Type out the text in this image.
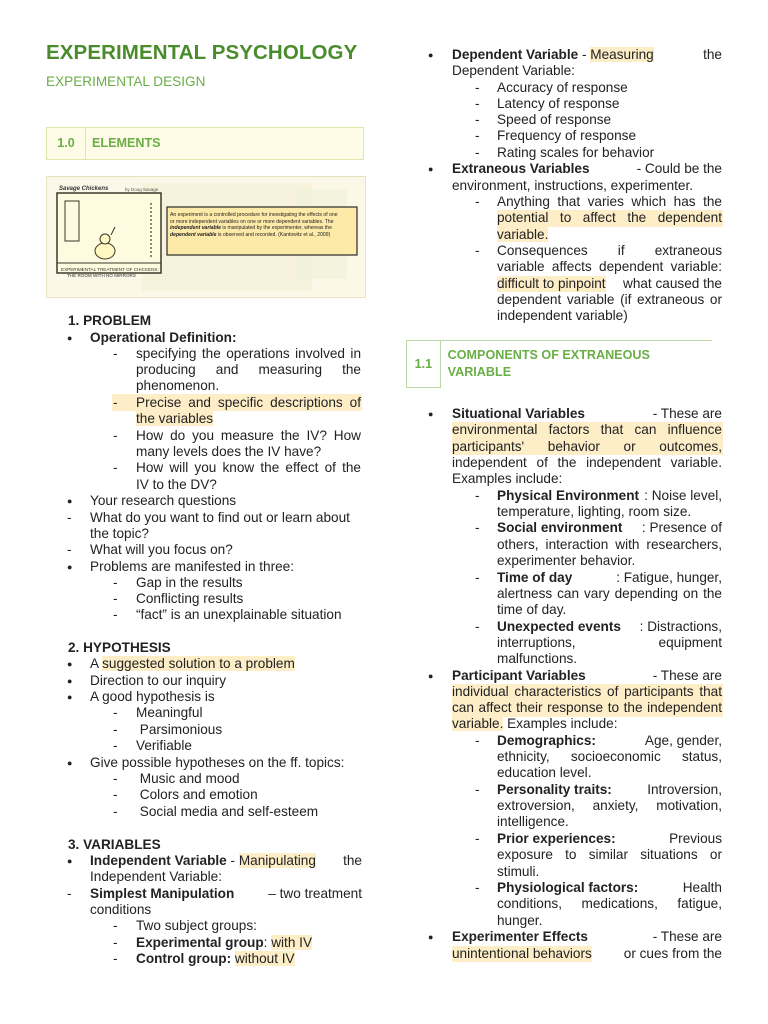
EXPERIMENTAL PSYCHOLOGY
EXPERIMENTAL DESIGN
1.0	ELEMENTS
Savage Chickens	by Doug Savage
EXPERIMENTAL TREATMENT OF CHICKENS:
THE ROOM WITH NO MIRRORS
An experiment is a controlled procedure for investigating the effects of one
or more independent variables on one or more dependent variables. The
independent variable is manipulated by the experimenter, whereas the
dependent variable is observed and recorded. (Kantowitz et al., 2009)
1. PROBLEM
● Operational Definition:
- specifying the operations involved in
producing and measuring the
phenomenon.
- Precise and specific descriptions of
the variables
- How do you measure the IV? How
many levels does the IV have?
- How will you know the effect of the
IV to the DV?
● Your research questions
- What do you want to find out or learn about
the topic?
- What will you focus on?
● Problems are manifested in three:
- Gap in the results
- Conflicting results
- “fact” is an unexplainable situation
2. HYPOTHESIS
● A suggested solution to a problem
● Direction to our inquiry
● A good hypothesis is
- Meaningful
- Parsimonious
- Verifiable
● Give possible hypotheses on the ff. topics:
- Music and mood
- Colors and emotion
- Social media and self-esteem
3. VARIABLES
● Independent Variable - Manipulating the
Independent Variable:
- Simplest Manipulation – two treatment
conditions
- Two subject groups:
- Experimental group: with IV
- Control group: without IV
● Dependent Variable - Measuring	the
Dependent Variable:
- Accuracy of response
- Latency of response
- Speed of response
- Frequency of response
- Rating scales for behavior
● Extraneous Variables	- Could be the
environment, instructions, experimenter.
- Anything that varies which has the
potential to affect the dependent
variable.
- Consequences if extraneous
variable affects dependent variable:
difficult to pinpoint what caused the
dependent variable (if extraneous or
independent variable)
1.1
COMPONENTS OF EXTRANEOUS
VARIABLE
● Situational Variables	- These are
environmental factors that can influence
participants' behavior or outcomes,
independent of the independent variable.
Examples include:
- Physical Environment : Noise level,
temperature, lighting, room size.
- Social environment : Presence of
others, interaction with researchers,
experimenter behavior.
- Time of day	: Fatigue, hunger,
alertness can vary depending on the
time of day.
- Unexpected events : Distractions,
interruptions, equipment
malfunctions.
● Participant Variables	- These are
individual characteristics of participants that
can affect their response to the independent
variable. Examples include:
- Demographics:	Age, gender,
ethnicity, socioeconomic status,
education level.
- Personality traits: Introversion,
extroversion, anxiety, motivation,
intelligence.
- Prior experiences:	Previous
exposure to similar situations or
stimuli.
- Physiological factors:	Health
conditions, medications, fatigue,
hunger.
● Experimenter Effects	- These are
unintentional behaviors or cues from the
